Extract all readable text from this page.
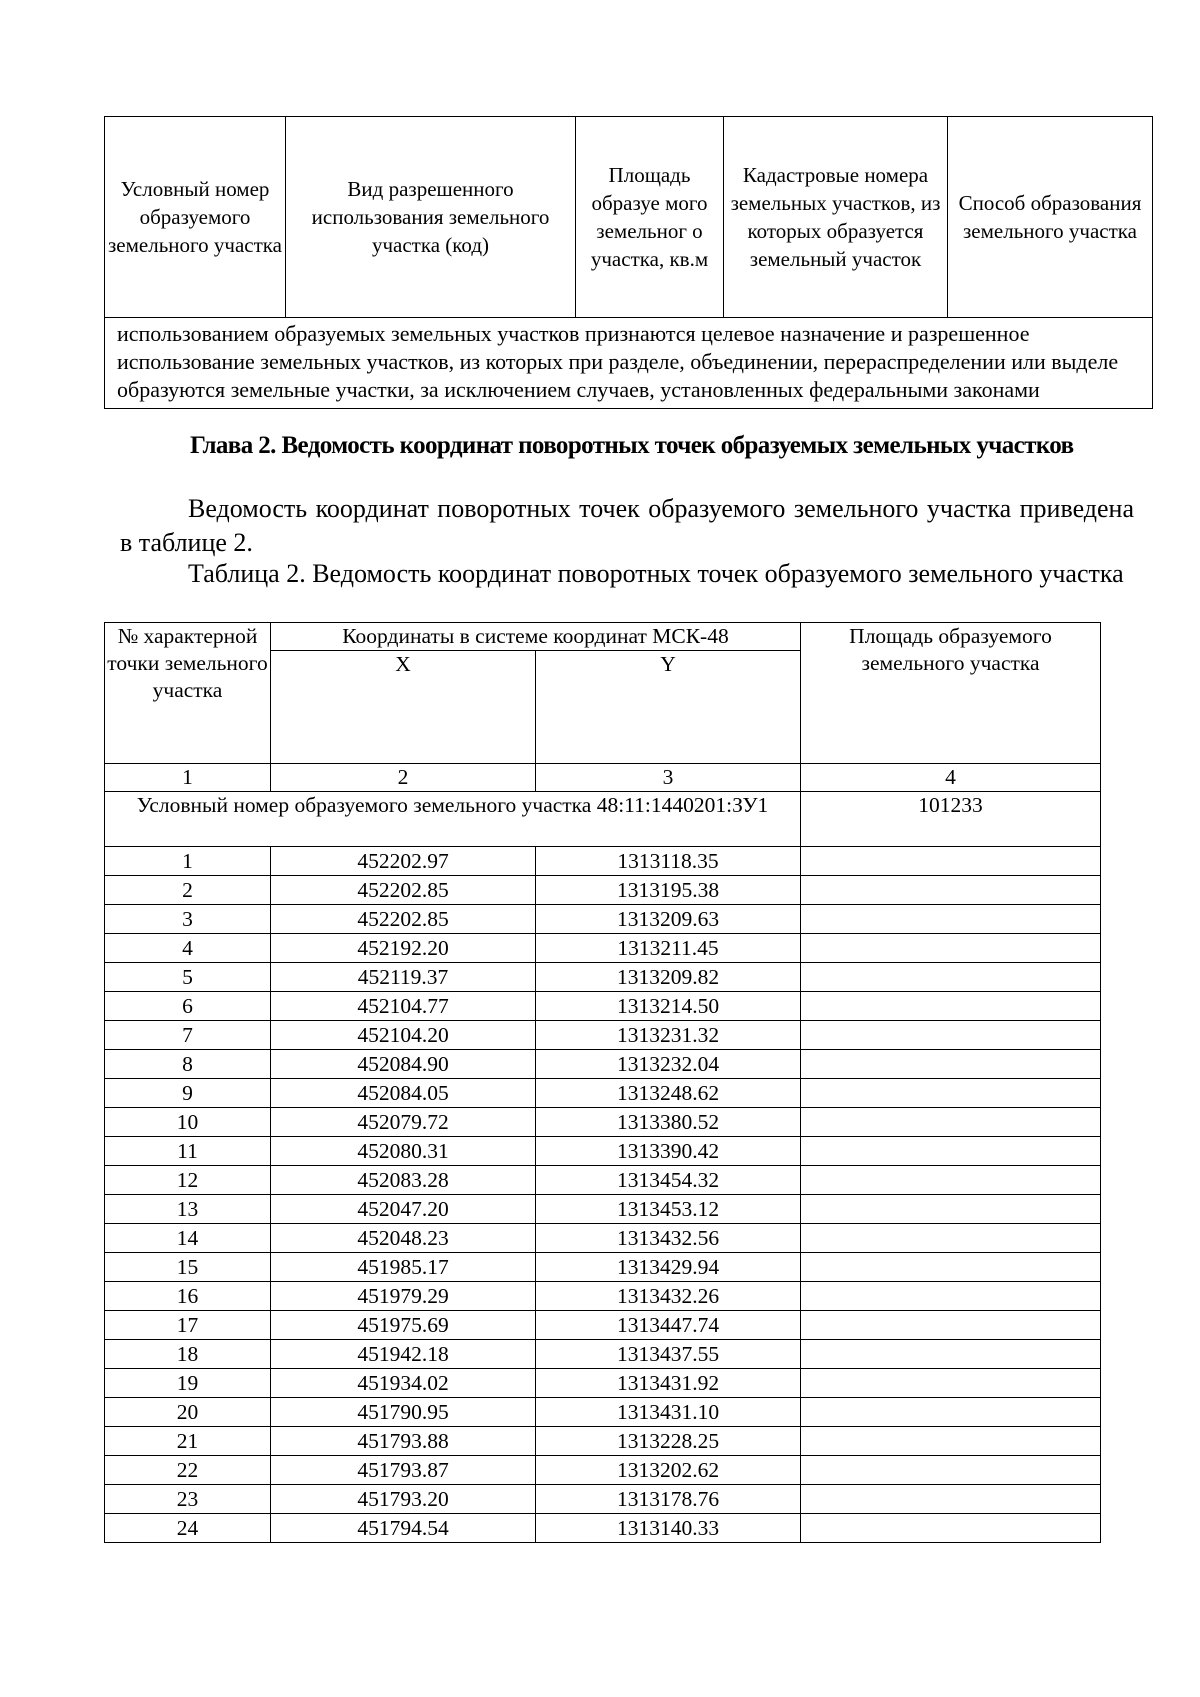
Условный номер образуемого земельного участка	Вид разрешенного использования земельного участка (код)	Площадь образуе мого земельног о участка, кв.м	Кадастровые номера земельных участков, из которых образуется земельный участок	Способ образования земельного участка
использованием образуемых земельных участков признаются целевое назначение и разрешенное использование земельных участков, из которых при разделе, объединении, перераспределении или выделе образуются земельные участки, за исключением случаев, установленных федеральными законами
Глава 2. Ведомость координат поворотных точек образуемых земельных участков
Ведомость координат поворотных точек образуемого земельного участка приведена в таблице 2.
Таблица 2. Ведомость координат поворотных точек образуемого земельного участка
№ характерной точки земельного участка	Координаты в системе координат МСК-48		Площадь образуемого земельного участка
	X	Y	
1	2	3	4
Условный номер образуемого земельного участка 48:11:1440201:ЗУ1			101233
1	452202.97	1313118.35	
2	452202.85	1313195.38	
3	452202.85	1313209.63	
4	452192.20	1313211.45	
5	452119.37	1313209.82	
6	452104.77	1313214.50	
7	452104.20	1313231.32	
8	452084.90	1313232.04	
9	452084.05	1313248.62	
10	452079.72	1313380.52	
11	452080.31	1313390.42	
12	452083.28	1313454.32	
13	452047.20	1313453.12	
14	452048.23	1313432.56	
15	451985.17	1313429.94	
16	451979.29	1313432.26	
17	451975.69	1313447.74	
18	451942.18	1313437.55	
19	451934.02	1313431.92	
20	451790.95	1313431.10	
21	451793.88	1313228.25	
22	451793.87	1313202.62	
23	451793.20	1313178.76	
24	451794.54	1313140.33	
